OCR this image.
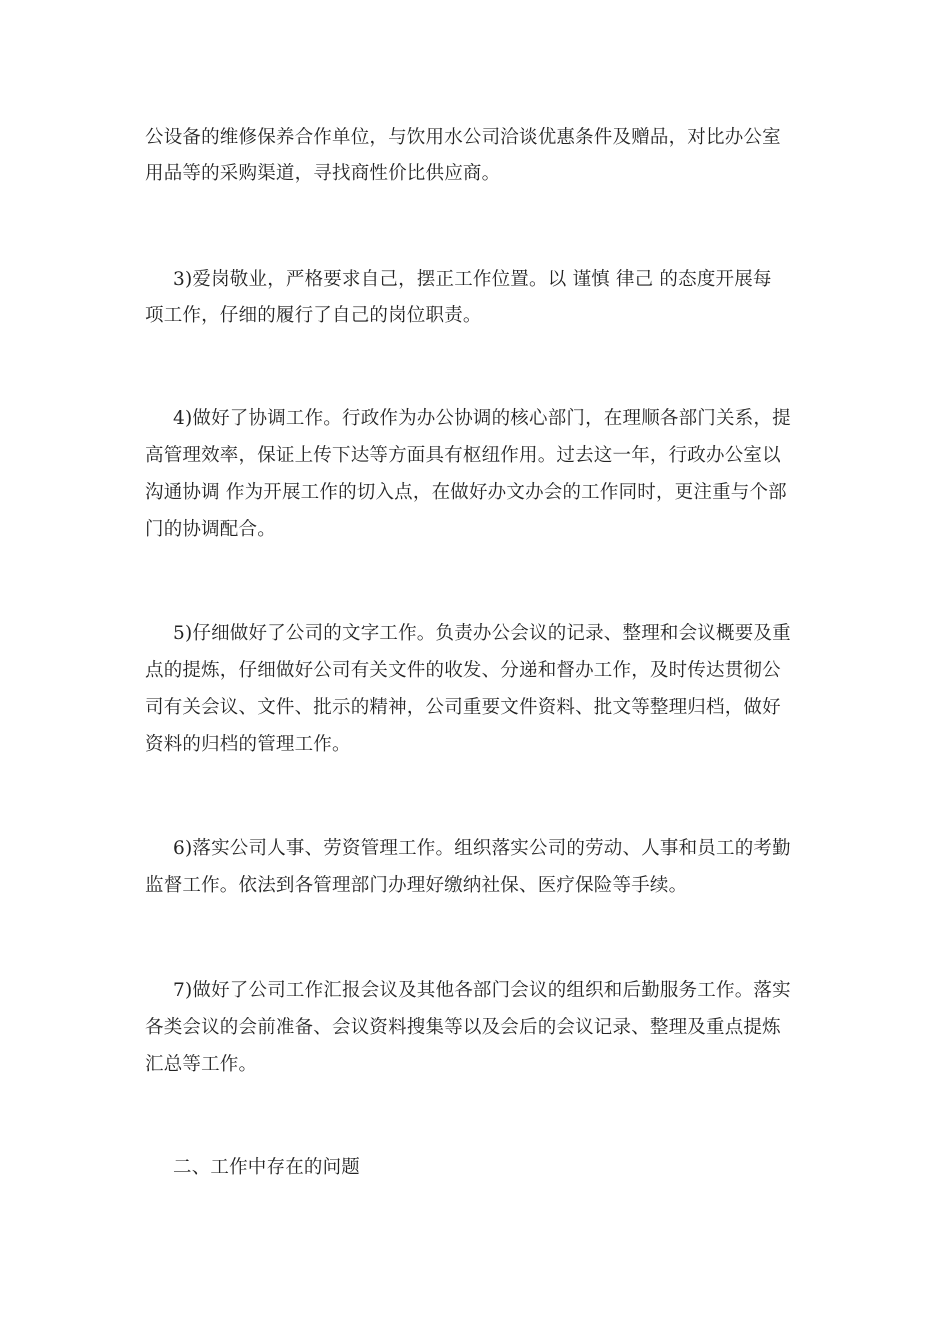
公设备的维修保养合作单位，与饮用水公司洽谈优惠条件及赠品，对比办公室
用品等的采购渠道，寻找商性价比供应商。
3)爱岗敬业，严格要求自己，摆正工作位置。以 谨慎 律己 的态度开展每
项工作，仔细的履行了自己的岗位职责。
4)做好了协调工作。行政作为办公协调的核心部门，在理顺各部门关系，提
高管理效率，保证上传下达等方面具有枢纽作用。过去这一年，行政办公室以
沟通协调 作为开展工作的切入点，在做好办文办会的工作同时，更注重与个部
门的协调配合。
5)仔细做好了公司的文字工作。负责办公会议的记录、整理和会议概要及重
点的提炼，仔细做好公司有关文件的收发、分递和督办工作，及时传达贯彻公
司有关会议、文件、批示的精神，公司重要文件资料、批文等整理归档，做好
资料的归档的管理工作。
6)落实公司人事、劳资管理工作。组织落实公司的劳动、人事和员工的考勤
监督工作。依法到各管理部门办理好缴纳社保、医疗保险等手续。
7)做好了公司工作汇报会议及其他各部门会议的组织和后勤服务工作。落实
各类会议的会前准备、会议资料搜集等以及会后的会议记录、整理及重点提炼
汇总等工作。
二、工作中存在的问题
